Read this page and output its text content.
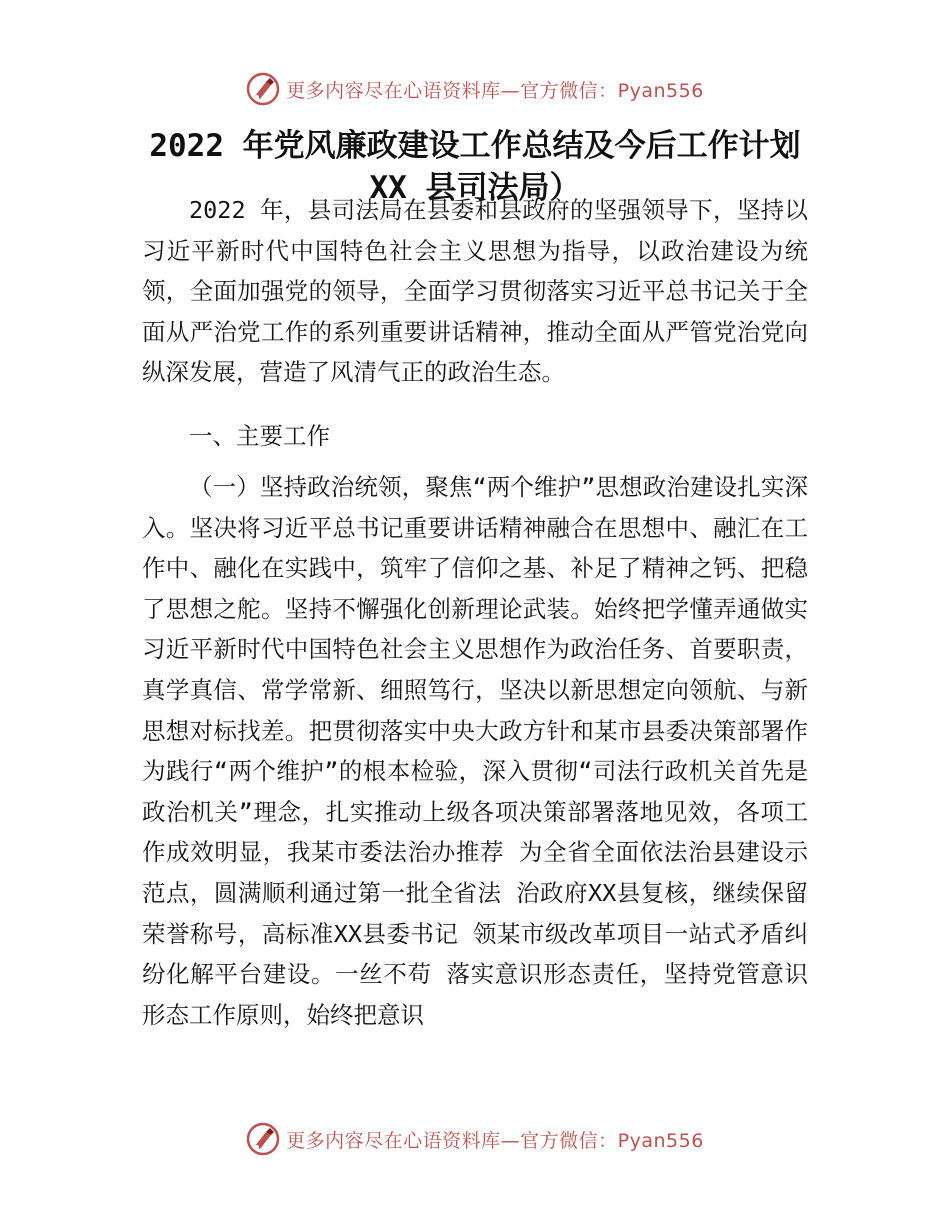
更多内容尽在心语资料库—官方微信：Pyan556
2022 年党风廉政建设工作总结及今后工作计划
XX 县司法局）

2022 年，县司法局在县委和县政府的坚强领导下，坚持以习近平新时代中国特色社会主义思想为指导，以政治建设为统领，全面加强党的领导，全面学习贯彻落实习近平总书记关于全面从严治党工作的系列重要讲话精神，推动全面从严管党治党向纵深发展，营造了风清气正的政治生态。

一、主要工作

（一）坚持政治统领，聚焦“两个维护”思想政治建设扎实深入。坚决将习近平总书记重要讲话精神融合在思想中、融汇在工作中、融化在实践中，筑牢了信仰之基、补足了精神之钙、把稳了思想之舵。坚持不懈强化创新理论武装。始终把学懂弄通做实习近平新时代中国特色社会主义思想作为政治任务、首要职责，真学真信、常学常新、细照笃行，坚决以新思想定向领航、与新思想对标找差。把贯彻落实中央大政方针和某市县委决策部署作为践行“两个维护”的根本检验，深入贯彻“司法行政机关首先是政治机关”理念，扎实推动上级各项决策部署落地见效，各项工作成效明显，我某市委法治办推荐 为全省全面依法治县建设示范点，圆满顺利通过第一批全省法 治政府XX县复核，继续保留荣誉称号，高标准XX县委书记 领某市级改革项目一站式矛盾纠纷化解平台建设。一丝不苟 落实意识形态责任，坚持党管意识形态工作原则，始终把意识

更多内容尽在心语资料库—官方微信：Pyan556
